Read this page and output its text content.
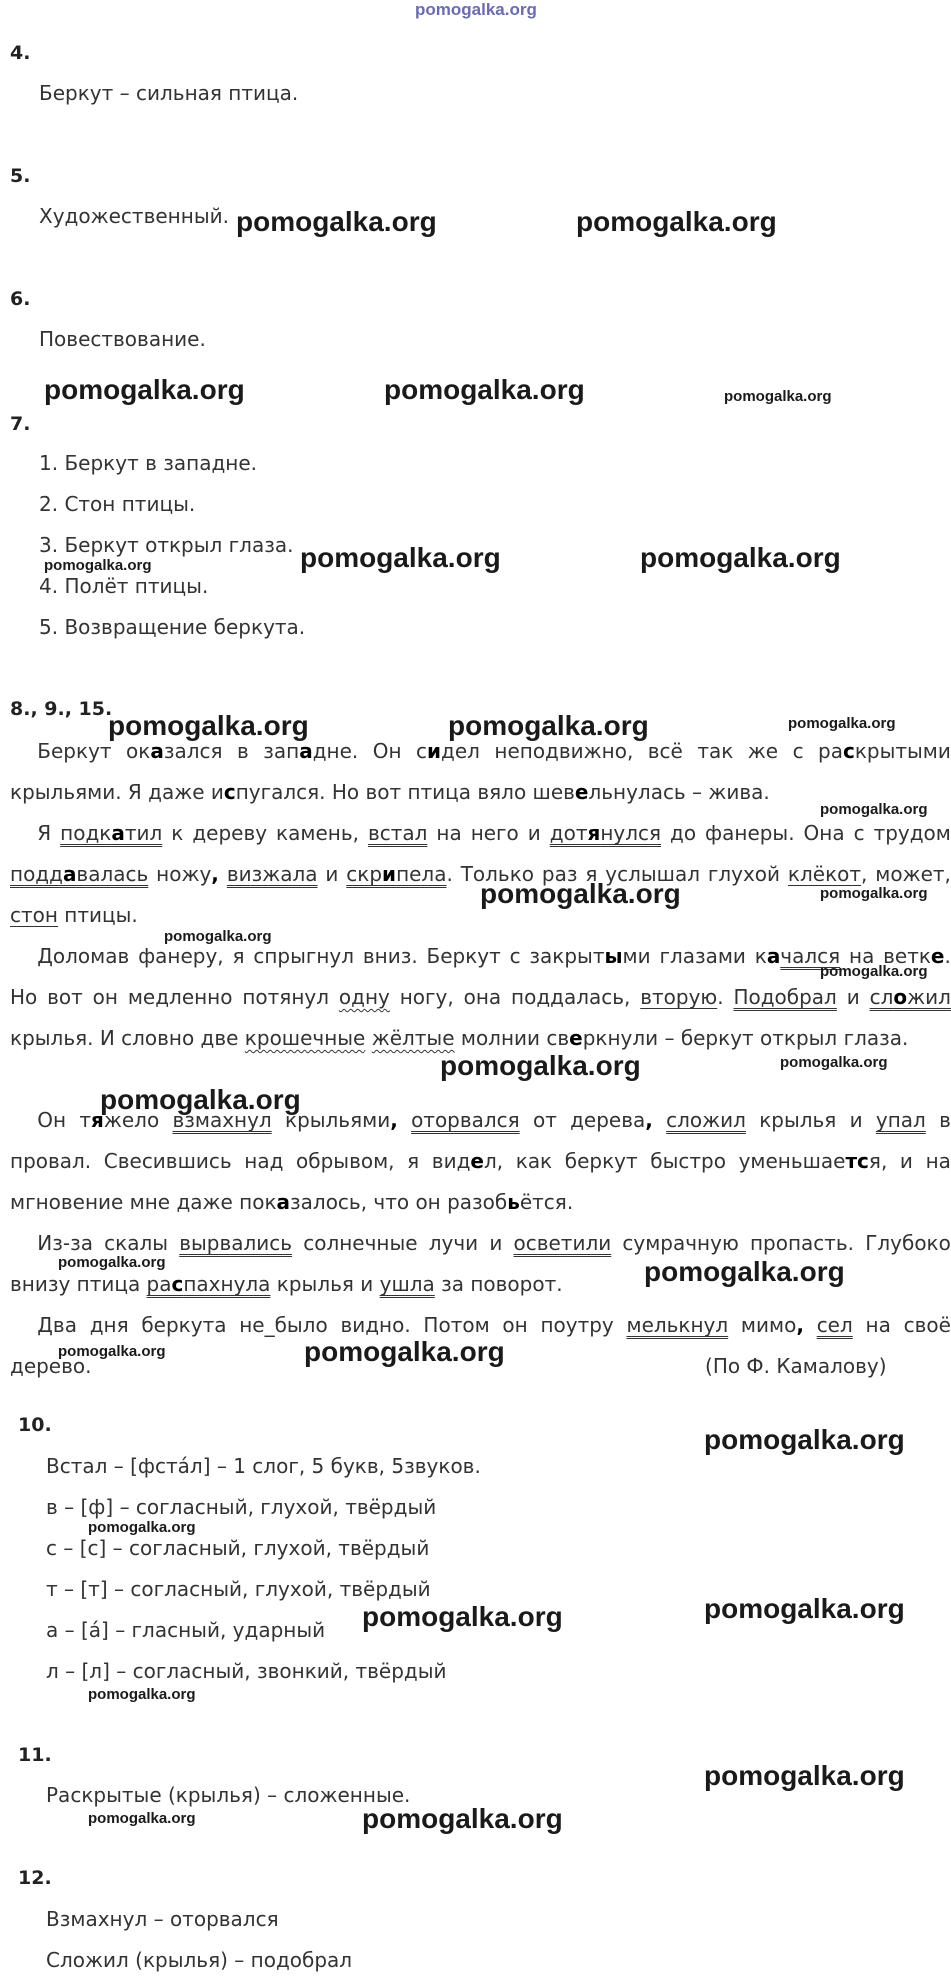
pomogalka.org
4.
Беркут – сильная птица.
5.
Художественный.
6.
Повествование.
7.
1. Беркут в западне.
2. Стон птицы.
3. Беркут открыл глаза.
4. Полёт птицы.
5. Возвращение беркута.
8., 9., 15.

Беркут оказался в западне. Он сидел неподвижно, всё так же с раскрытыми крыльями. Я даже испугался. Но вот птица вяло шевельнулась – жива.

Я подкатил к дереву камень, встал на него и дотянулся до фанеры. Она с трудом поддавалась ножу, визжала и скрипела. Только раз я услышал глухой клёкот, может, стон птицы.

Доломав фанеру, я спрыгнул вниз. Беркут с закрытыми глазами качался на ветке. Но вот он медленно потянул одну ногу, она поддалась, вторую. Подобрал и сложил крылья. И словно две крошечные жёлтые молнии сверкнули – беркут открыл глаза.

Он тяжело взмахнул крыльями, оторвался от дерева, сложил крылья и упал в провал. Свесившись над обрывом, я видел, как беркут быстро уменьшается, и на мгновение мне даже показалось, что он разобьётся.

Из-за скалы вырвались солнечные лучи и осветили сумрачную пропасть. Глубоко внизу птица распахнула крылья и ушла за поворот.

Два дня беркута не_было видно. Потом он поутру мелькнул мимо, сел на своё дерево.	(По Ф. Камалову)

10.
Встал – [фстáл] – 1 слог, 5 букв, 5звуков.
в – [ф] – согласный, глухой, твёрдый
с – [с] – согласный, глухой, твёрдый
т – [т] – согласный, глухой, твёрдый
а – [á] – гласный, ударный
л – [л] – согласный, звонкий, твёрдый
11.
Раскрытые (крылья) – сложенные.
12.
Взмахнул – оторвался
Сложил (крылья) – подобрал
pomogalka.org	pomogalka.org
pomogalka.org	pomogalka.org	pomogalka.org
pomogalka.org	pomogalka.org	pomogalka.org
pomogalka.org	pomogalka.org	pomogalka.org
pomogalka.org
pomogalka.org
pomogalka.org
pomogalka.org
pomogalka.org
pomogalka.org	pomogalka.org
pomogalka.org
pomogalka.org	pomogalka.org
pomogalka.org	pomogalka.org
pomogalka.org
pomogalka.org
pomogalka.org	pomogalka.org
pomogalka.org
pomogalka.org
pomogalka.org	pomogalka.org
